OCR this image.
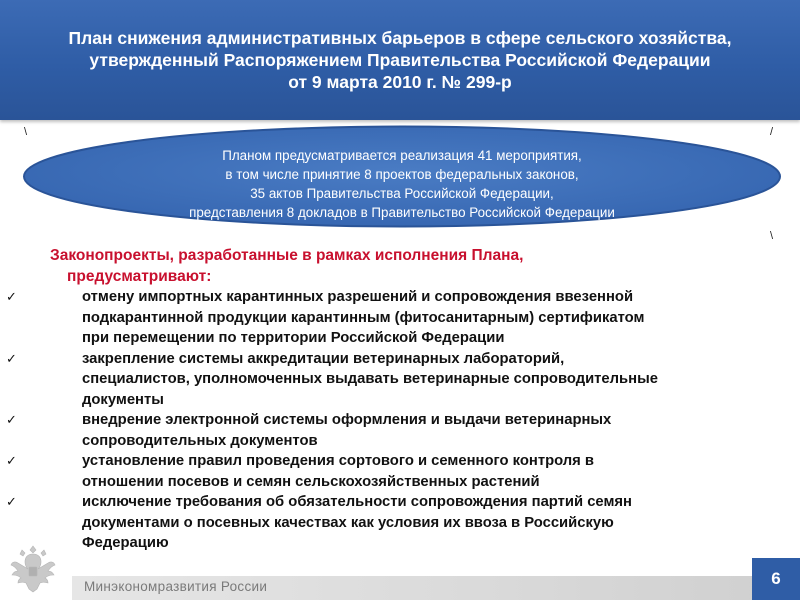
План снижения административных барьеров в сфере сельского хозяйства,
утвержденный Распоряжением Правительства Российской Федерации
от 9 марта 2010 г. № 299-р
\	/
\
Планом предусматривается реализация 41 мероприятия,
в том числе принятие 8 проектов федеральных законов,
35 актов Правительства Российской Федерации,
представления 8 докладов в Правительство Российской Федерации
Законопроекты, разработанные в рамках исполнения Плана,
предусматривают:
✓	отмену импортных карантинных разрешений и сопровождения ввезенной
подкарантинной продукции карантинным (фитосанитарным) сертификатом
при перемещении по территории Российской Федерации
✓	закрепление системы аккредитации ветеринарных лабораторий,
специалистов, уполномоченных выдавать ветеринарные сопроводительные
документы
✓	внедрение электронной системы оформления и выдачи ветеринарных
сопроводительных документов
✓	установление правил проведения сортового и семенного контроля в
отношении посевов и семян сельскохозяйственных растений
✓	исключение требования об обязательности сопровождения партий семян
документами о посевных качествах как условия их ввоза в Российскую
Федерацию
Минэкономразвития России	6
